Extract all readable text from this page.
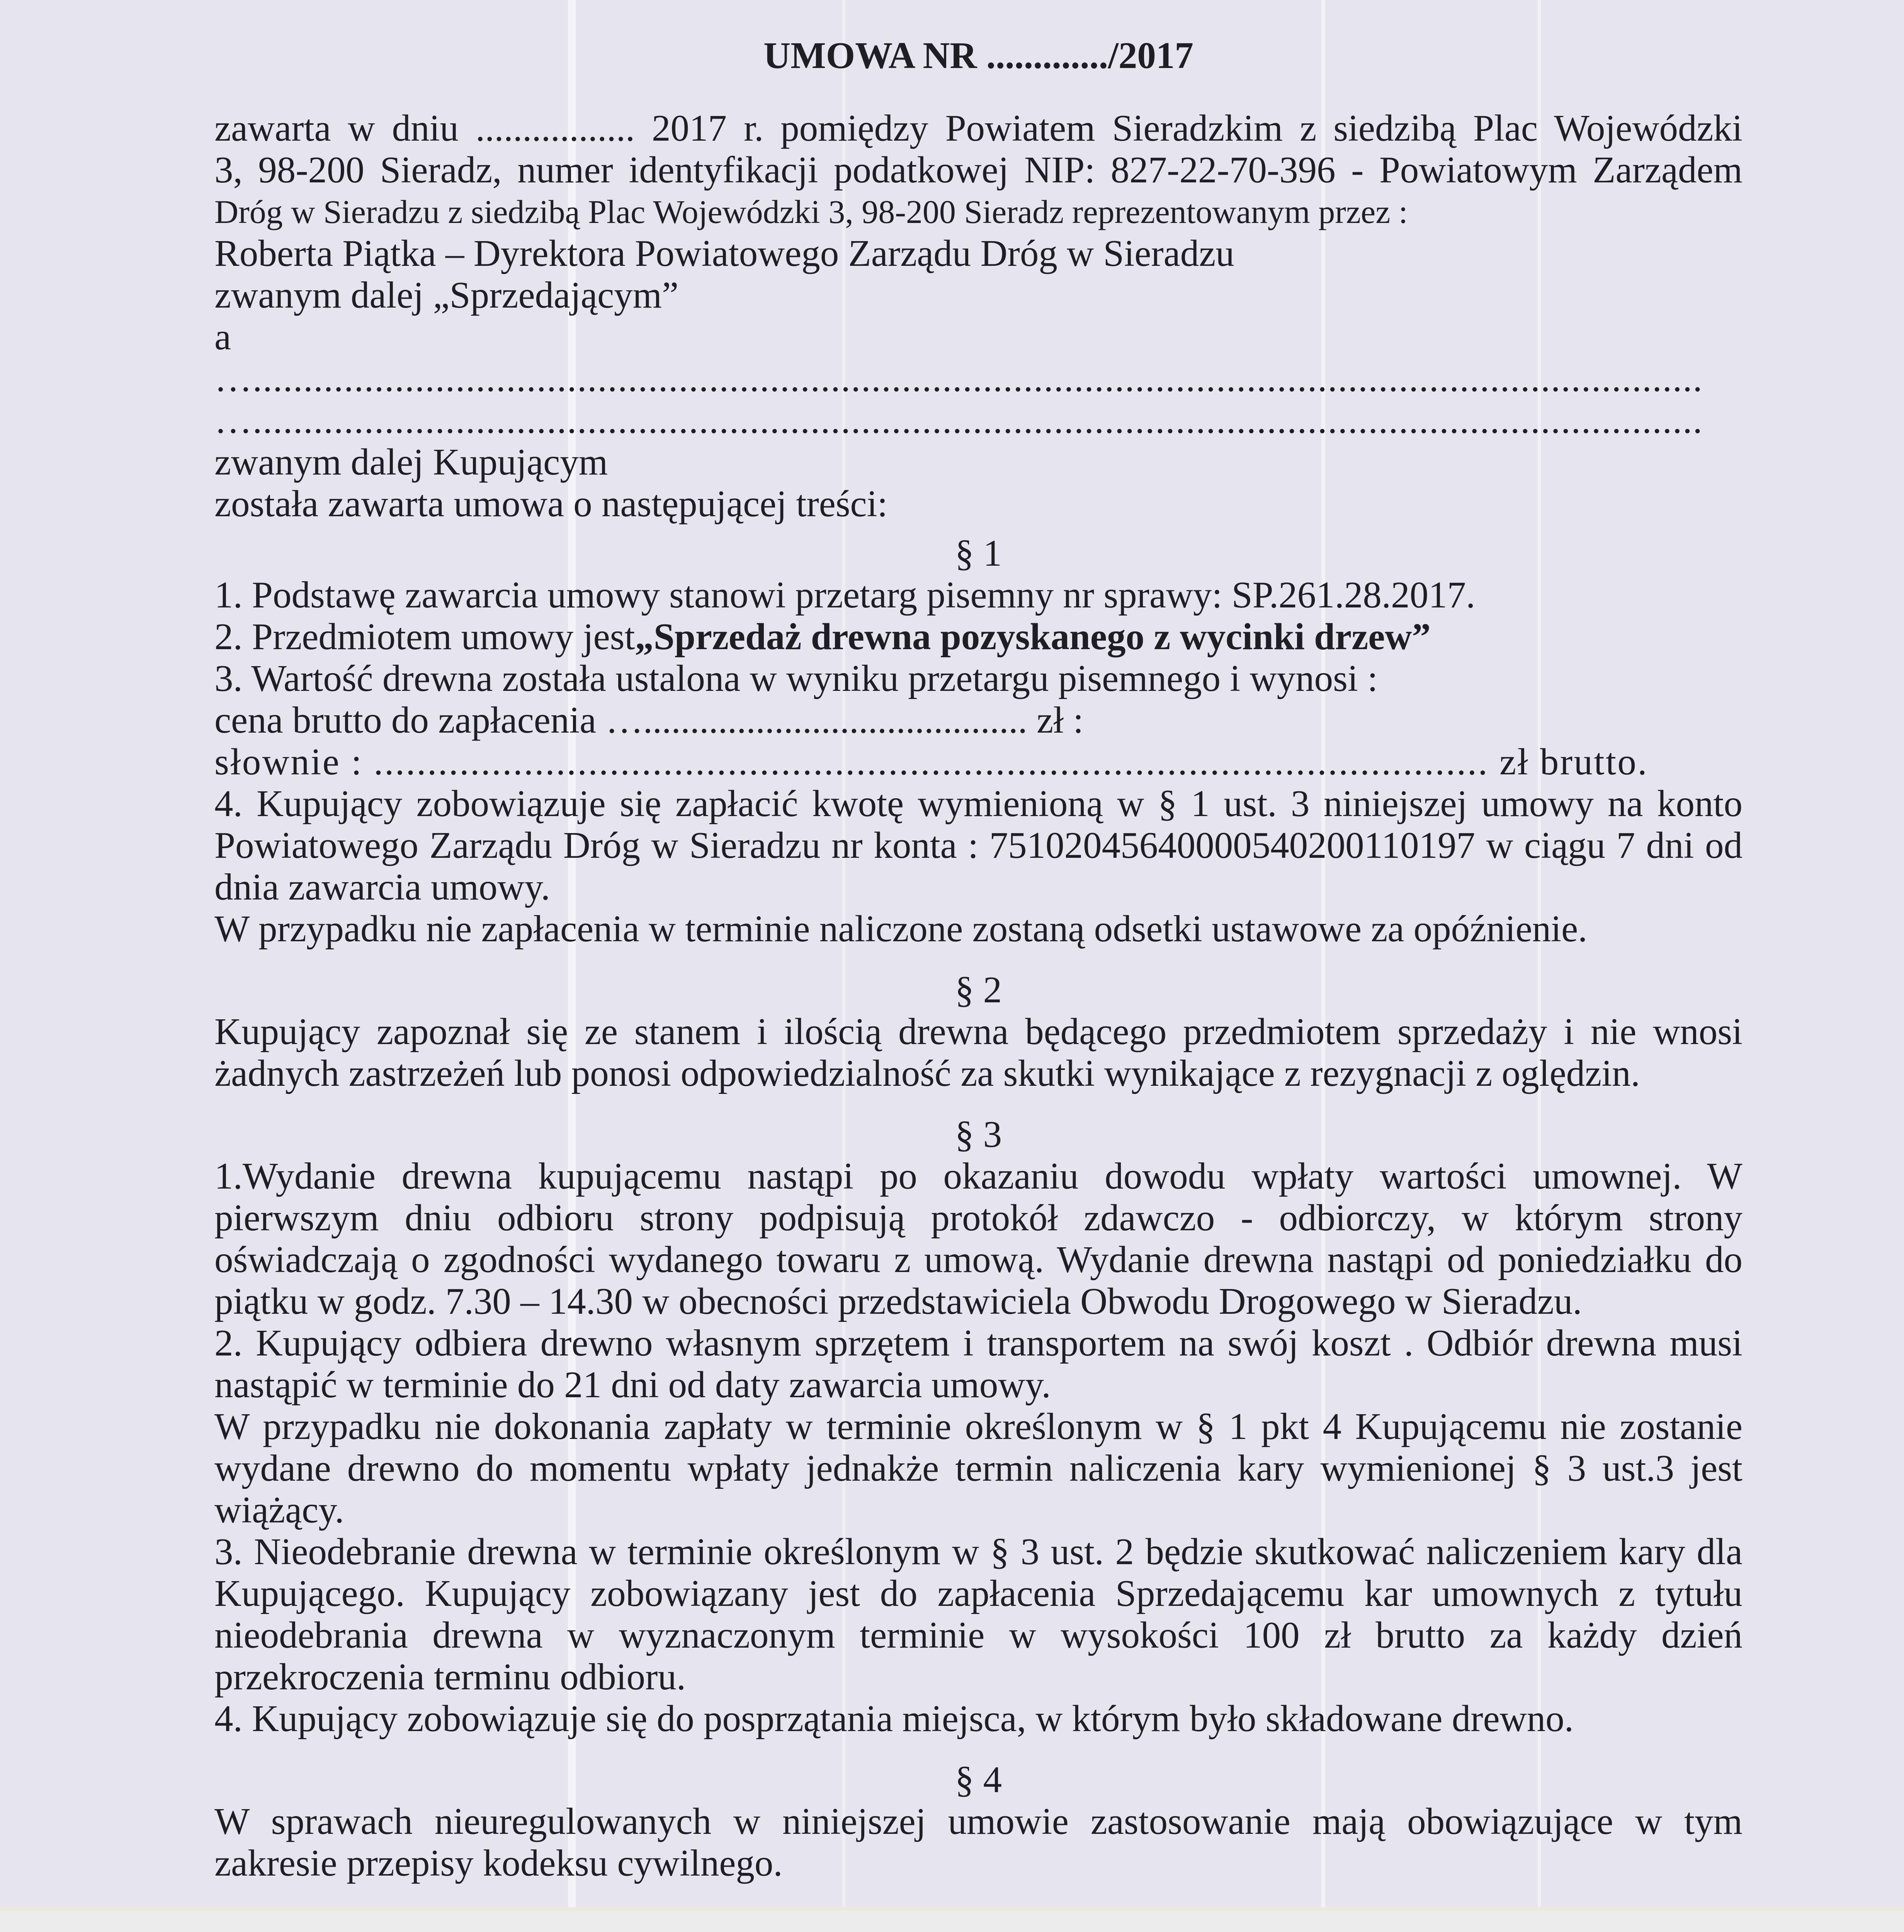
UMOWA NR ............./2017
zawarta w dniu ................. 2017 r. pomiędzy Powiatem Sieradzkim z siedzibą Plac Wojewódzki
3, 98-200 Sieradz, numer identyfikacji podatkowej NIP: 827-22-70-396 - Powiatowym Zarządem
Dróg w Sieradzu z siedzibą Plac Wojewódzki 3, 98-200 Sieradz reprezentowanym przez :
Roberta Piątka – Dyrektora Powiatowego Zarządu Dróg w Sieradzu
zwanym dalej „Sprzedającym”
a
…...............................................................................................................................................
…...............................................................................................................................................
zwanym dalej Kupującym
została zawarta umowa o następującej treści:
§ 1
1. Podstawę zawarcia umowy stanowi przetarg pisemny nr sprawy: SP.261.28.2017.
2. Przedmiotem umowy jest„Sprzedaż drewna pozyskanego z wycinki drzew”
3. Wartość drewna została ustalona w wyniku przetargu pisemnego i wynosi :
cena brutto do zapłacenia …......................................... zł :
słownie : ........................................................................................................ zł brutto.
4. Kupujący zobowiązuje się zapłacić kwotę wymienioną w § 1 ust. 3 niniejszej umowy na konto
Powiatowego Zarządu Dróg w Sieradzu nr konta : 75102045640000540200110197 w ciągu 7 dni od
dnia zawarcia umowy.
W przypadku nie zapłacenia w terminie naliczone zostaną odsetki ustawowe za opóźnienie.
§ 2
Kupujący zapoznał się ze stanem i ilością drewna będącego przedmiotem sprzedaży i nie wnosi
żadnych zastrzeżeń lub ponosi odpowiedzialność za skutki wynikające z rezygnacji z oględzin.
§ 3
1.Wydanie drewna kupującemu nastąpi po okazaniu dowodu wpłaty wartości umownej. W
pierwszym dniu odbioru strony podpisują protokół zdawczo - odbiorczy, w którym strony
oświadczają o zgodności wydanego towaru z umową. Wydanie drewna nastąpi od poniedziałku do
piątku w godz. 7.30 – 14.30 w obecności przedstawiciela Obwodu Drogowego w Sieradzu.
2. Kupujący odbiera drewno własnym sprzętem i transportem na swój koszt . Odbiór drewna musi
nastąpić w terminie do 21 dni od daty zawarcia umowy.
W przypadku nie dokonania zapłaty w terminie określonym w § 1 pkt 4 Kupującemu nie zostanie
wydane drewno do momentu wpłaty jednakże termin naliczenia kary wymienionej § 3 ust.3 jest
wiążący.
3. Nieodebranie drewna w terminie określonym w § 3 ust. 2 będzie skutkować naliczeniem kary dla
Kupującego. Kupujący zobowiązany jest do zapłacenia Sprzedającemu kar umownych z tytułu
nieodebrania drewna w wyznaczonym terminie w wysokości 100 zł brutto za każdy dzień
przekroczenia terminu odbioru.
4. Kupujący zobowiązuje się do posprzątania miejsca, w którym było składowane drewno.
§ 4
W sprawach nieuregulowanych w niniejszej umowie zastosowanie mają obowiązujące w tym
zakresie przepisy kodeksu cywilnego.
